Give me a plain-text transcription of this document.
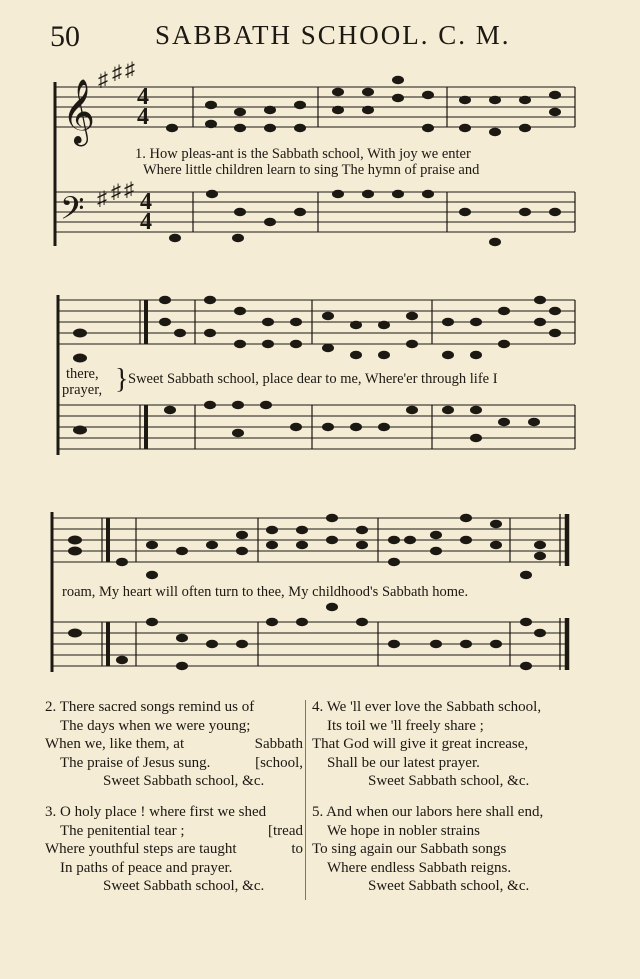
50	SABBATH SCHOOL. C. M.
𝄞
𝄢
♯ ♯ ♯
♯ ♯ ♯
4
4
4
4
1. How pleas-ant is the Sabbath school, With joy we enter
Where little children learn to sing The hymn of praise and
there,
prayer, } Sweet Sabbath school, place dear to me, Where'er through life I
roam, My heart will often turn to thee, My childhood's Sabbath home.
2. There sacred songs remind us of
The days when we were young;
When we, like them, at	Sabbath
The praise of Jesus sung.	[school,
Sweet Sabbath school, &c.
3. O holy place ! where first we shed
The penitential tear ;	[tread
Where youthful steps are taught	to
In paths of peace and prayer.
Sweet Sabbath school, &c.
4. We 'll ever love the Sabbath school,
Its toil we 'll freely share ;
That God will give it great increase,
Shall be our latest prayer.
Sweet Sabbath school, &c.
5. And when our labors here shall end,
We hope in nobler strains
To sing again our Sabbath songs
Where endless Sabbath reigns.
Sweet Sabbath school, &c.
